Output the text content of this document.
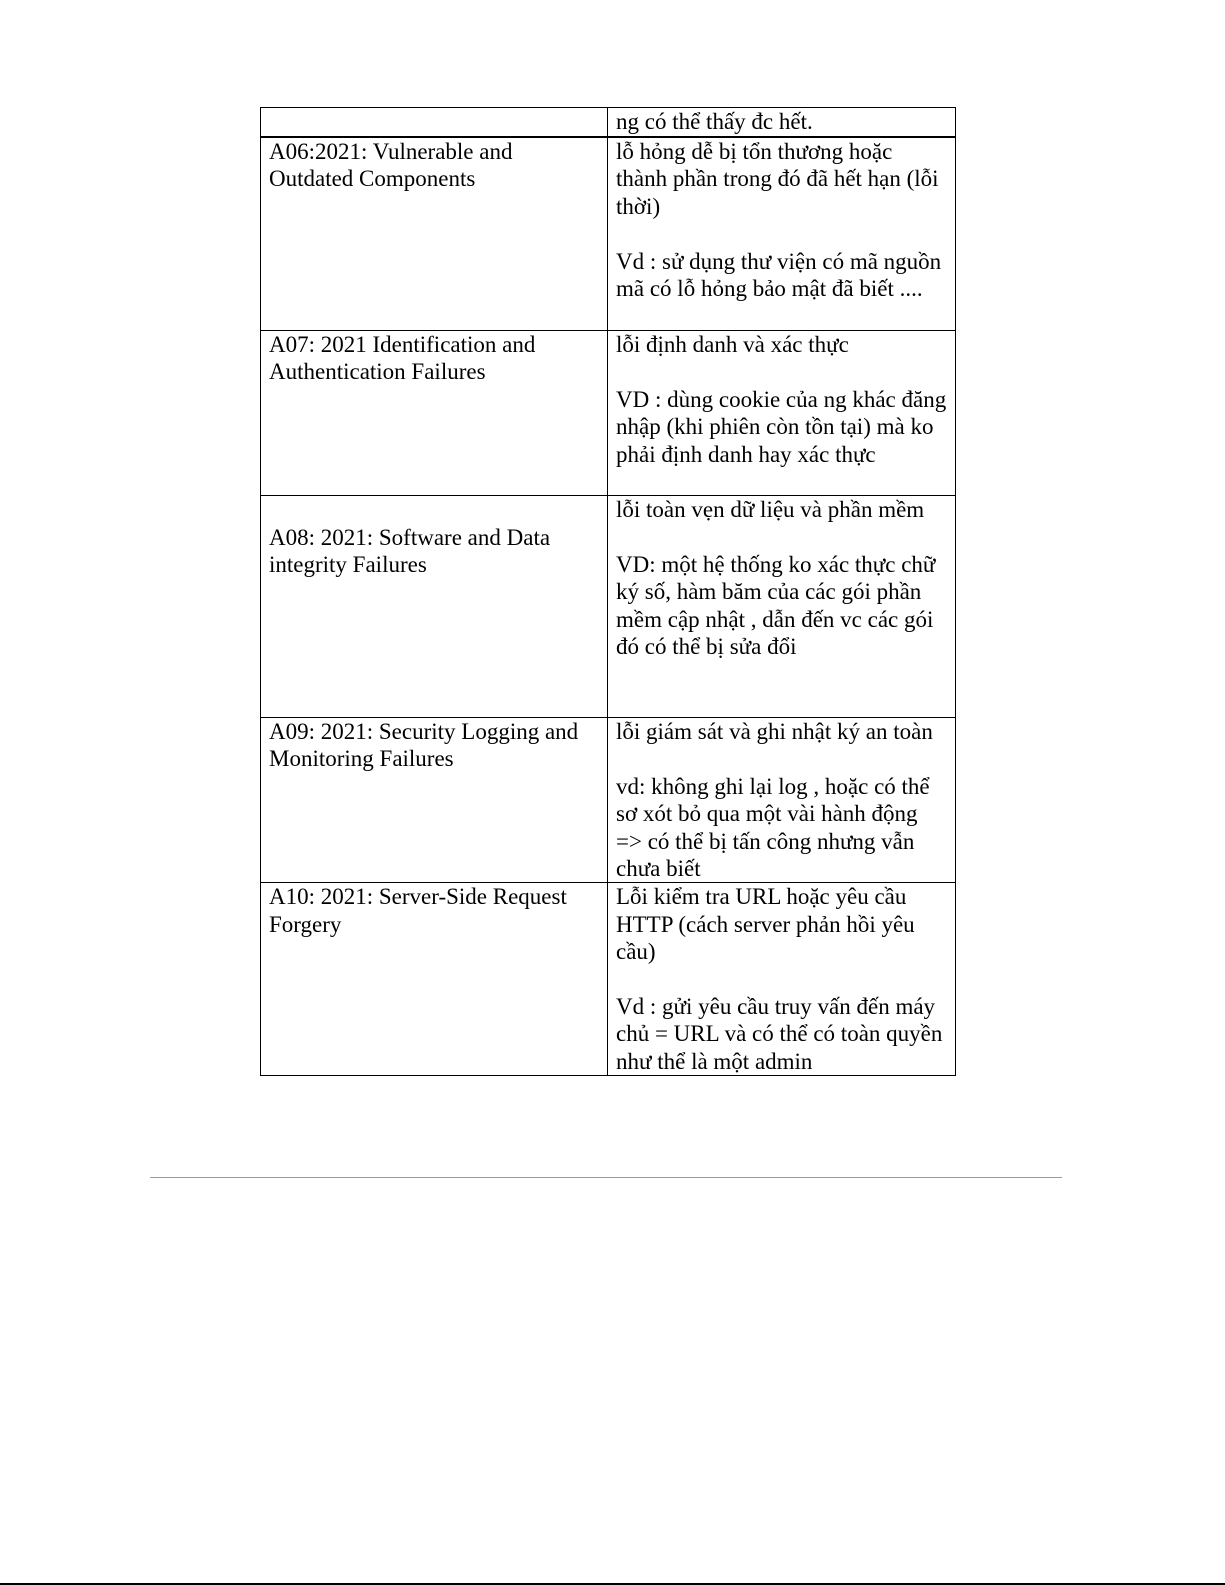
	ng có thể thấy đc hết.

A06:2021: Vulnerable and Outdated Components	lỗ hỏng dễ bị tổn thương hoặc thành phần trong đó đã hết hạn (lỗi thời)

Vd : sử dụng thư viện có mã nguồn mã có lỗ hỏng bảo mật đã biết ....

A07: 2021 Identification and Authentication Failures	lỗi định danh và xác thực

VD : dùng cookie của ng khác đăng nhập (khi phiên còn tồn tại) mà ko phải định danh hay xác thực

A08: 2021: Software and Data integrity Failures	lỗi toàn vẹn dữ liệu và phần mềm

VD: một hệ thống ko xác thực chữ ký số, hàm băm của các gói phần mềm cập nhật , dẫn đến vc các gói đó có thể bị sửa đổi

A09: 2021: Security Logging and Monitoring Failures	lỗi giám sát và ghi nhật ký an toàn

vd: không ghi lại log , hoặc có thể sơ xót bỏ qua một vài hành động => có thể bị tấn công nhưng vẫn chưa biết

A10: 2021: Server-Side Request Forgery	Lỗi kiểm tra URL hoặc yêu cầu HTTP (cách server phản hồi yêu cầu)

Vd : gửi yêu cầu truy vấn đến máy chủ = URL và có thể có toàn quyền như thể là một admin
